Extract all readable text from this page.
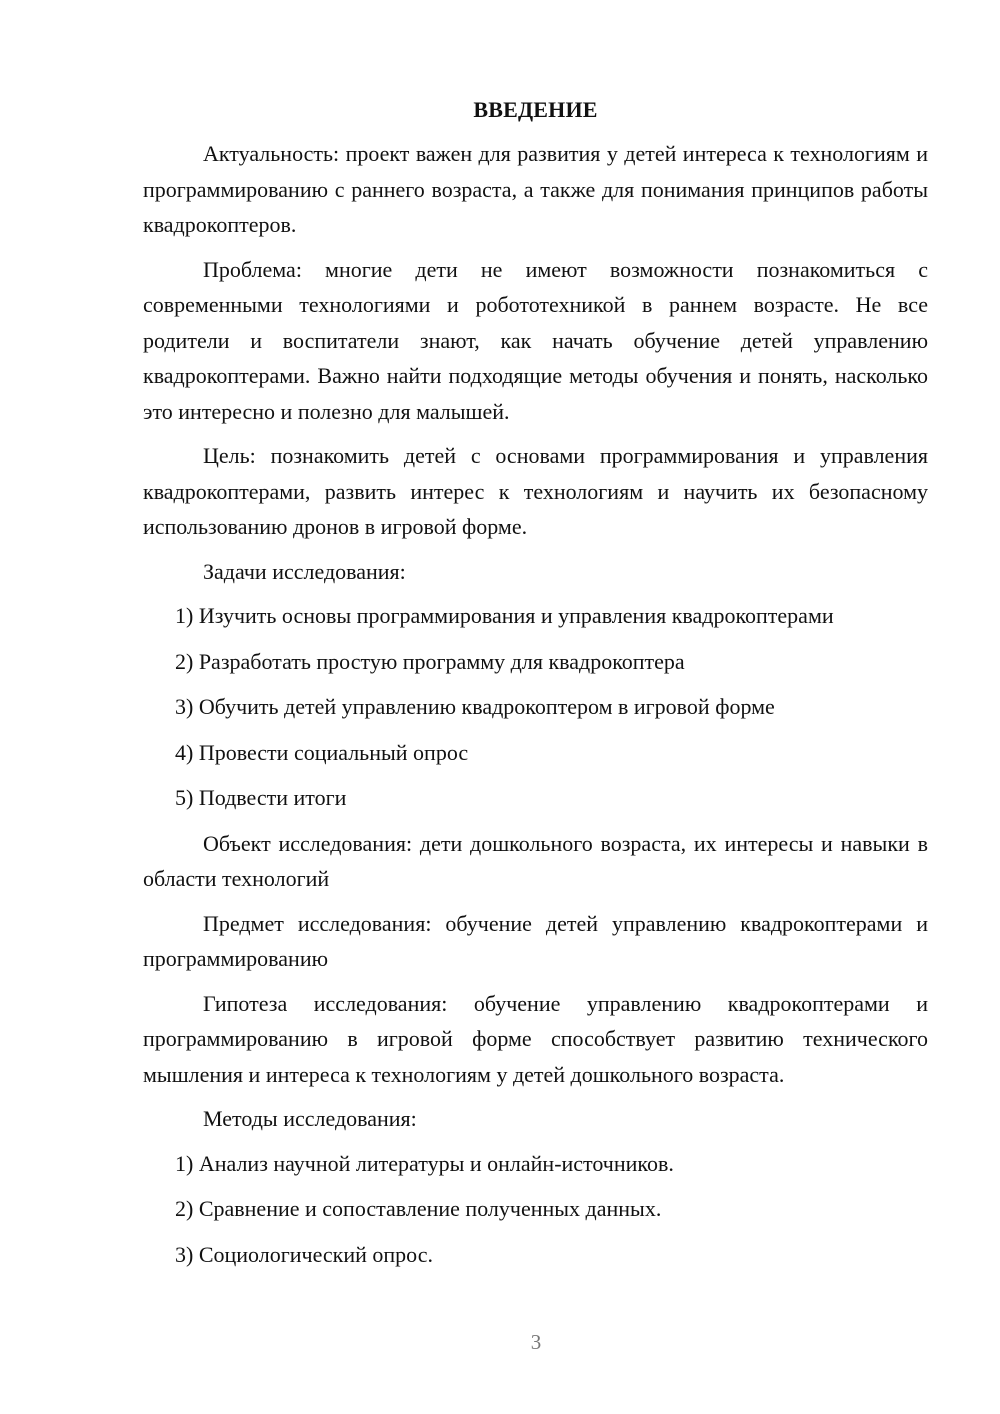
ВВЕДЕНИЕ

Актуальность: проект важен для развития у детей интереса к технологиям и программированию с раннего возраста, а также для понимания принципов работы квадрокоптеров.

Проблема: многие дети не имеют возможности познакомиться с современными технологиями и робототехникой в раннем возрасте. Не все родители и воспитатели знают, как начать обучение детей управлению квадрокоптерами. Важно найти подходящие методы обучения и понять, насколько это интересно и полезно для малышей.

Цель: познакомить детей с основами программирования и управления квадрокоптерами, развить интерес к технологиям и научить их безопасному использованию дронов в игровой форме.

Задачи исследования:

1) Изучить основы программирования и управления квадрокоптерами
2) Разработать простую программу для квадрокоптера
3) Обучить детей управлению квадрокоптером в игровой форме
4) Провести социальный опрос
5) Подвести итоги

Объект исследования: дети дошкольного возраста, их интересы и навыки в области технологий

Предмет исследования: обучение детей управлению квадрокоптерами и программированию

Гипотеза исследования: обучение управлению квадрокоптерами и программированию в игровой форме способствует развитию технического мышления и интереса к технологиям у детей дошкольного возраста.

Методы исследования:

1) Анализ научной литературы и онлайн-источников.
2) Сравнение и сопоставление полученных данных.
3) Социологический опрос.
3
